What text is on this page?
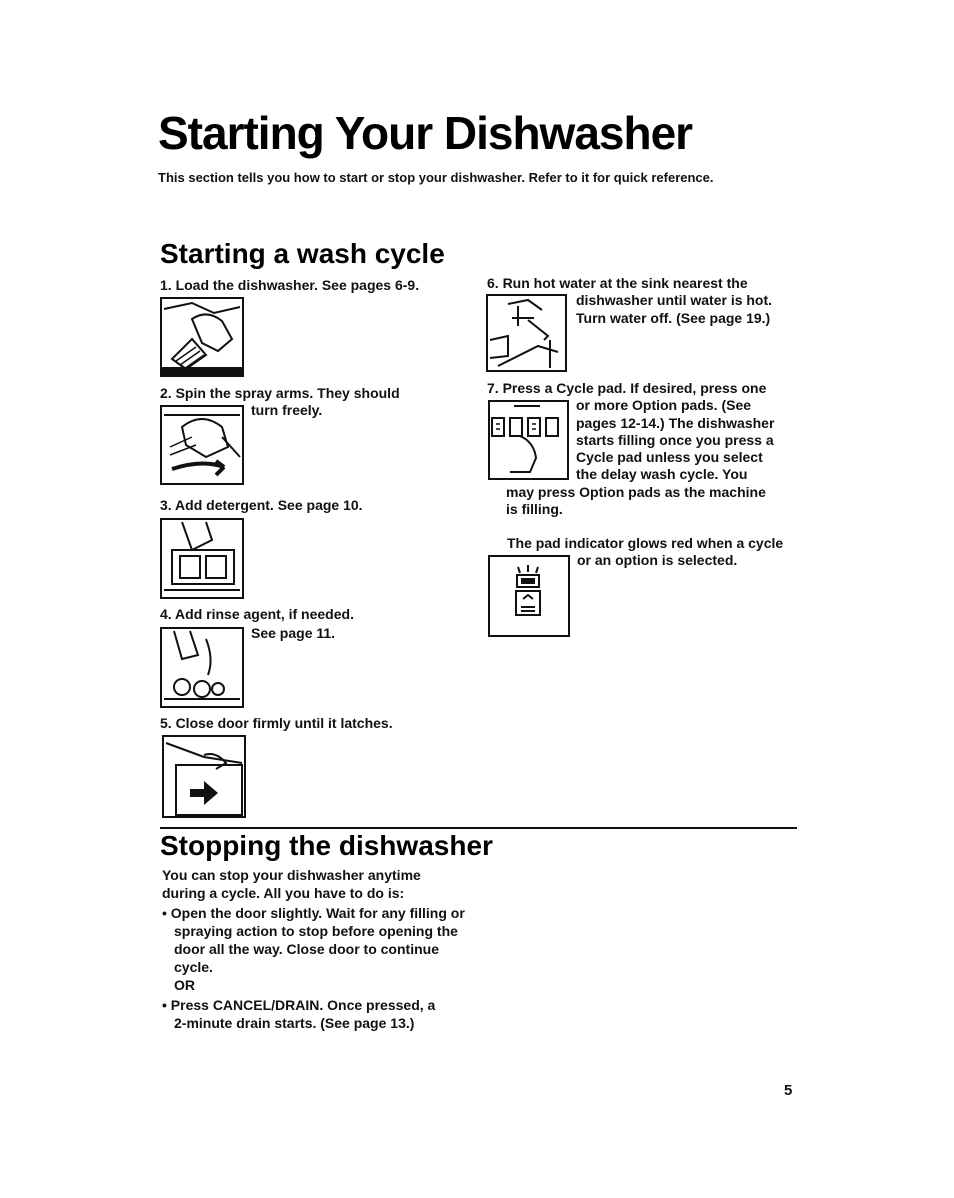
Starting Your Dishwasher
This section tells you how to start or stop your dishwasher. Refer to it for quick reference.
Starting a wash cycle
1. Load the dishwasher. See pages 6-9.
2. Spin the spray arms. They should
turn freely.
3. Add detergent. See page 10.
4. Add rinse agent, if needed.
See page 11.
5. Close door firmly until it latches.
6. Run hot water at the sink nearest the
dishwasher until water is hot.
Turn water off. (See page 19.)
7. Press a Cycle pad. If desired, press one
or more Option pads. (See
pages 12-14.) The dishwasher
starts filling once you press a
Cycle pad unless you select
the delay wash cycle. You
may press Option pads as the machine
is filling.
The pad indicator glows red when a cycle
or an option is selected.
Stopping the dishwasher
You can stop your dishwasher anytime
during a cycle. All you have to do is:
• Open the door slightly. Wait for any filling or
spraying action to stop before opening the
door all the way. Close door to continue
cycle.
OR
• Press CANCEL/DRAIN. Once pressed, a
2-minute drain starts. (See page 13.)
5
